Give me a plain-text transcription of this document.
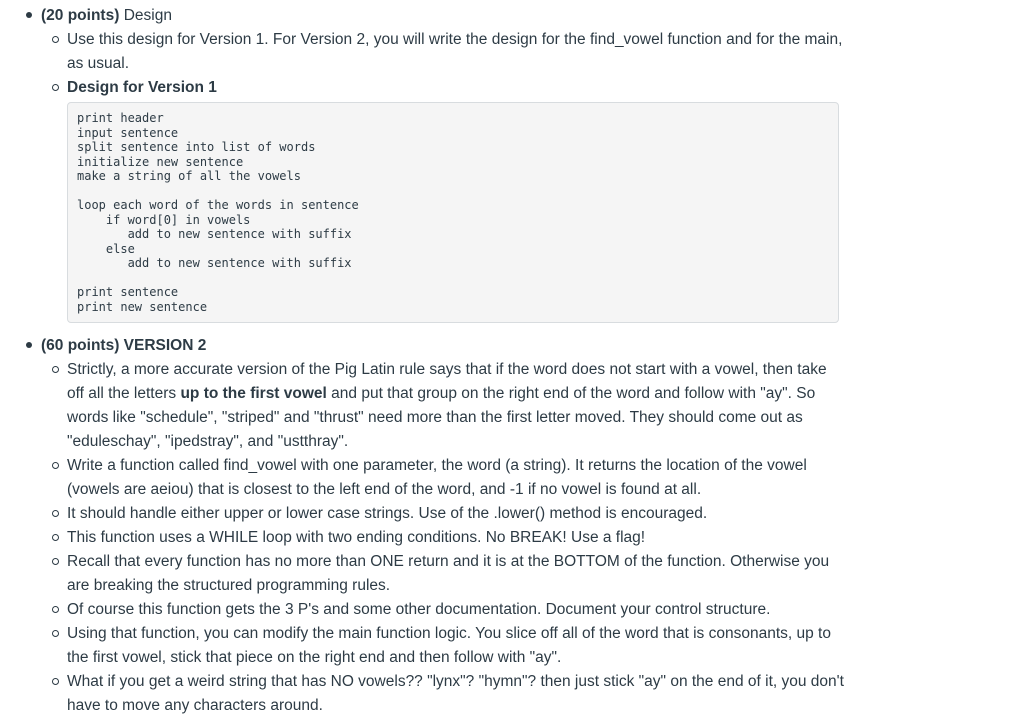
(20 points) Design
Use this design for Version 1. For Version 2, you will write the design for the find_vowel function and for the main, as usual.
Design for Version 1
print header
input sentence
split sentence into list of words
initialize new sentence
make a string of all the vowels
loop each word of the words in sentence
if word[0] in vowels
add to new sentence with suffix
else
add to new sentence with suffix
print sentence
print new sentence
(60 points) VERSION 2
Strictly, a more accurate version of the Pig Latin rule says that if the word does not start with a vowel, then take off all the letters up to the first vowel and put that group on the right end of the word and follow with "ay". So words like "schedule", "striped" and "thrust" need more than the first letter moved. They should come out as "eduleschay", "ipedstray", and "ustthray".
Write a function called find_vowel with one parameter, the word (a string). It returns the location of the vowel (vowels are aeiou) that is closest to the left end of the word, and -1 if no vowel is found at all.
It should handle either upper or lower case strings. Use of the .lower() method is encouraged.
This function uses a WHILE loop with two ending conditions. No BREAK! Use a flag!
Recall that every function has no more than ONE return and it is at the BOTTOM of the function. Otherwise you are breaking the structured programming rules.
Of course this function gets the 3 P's and some other documentation. Document your control structure.
Using that function, you can modify the main function logic. You slice off all of the word that is consonants, up to the first vowel, stick that piece on the right end and then follow with "ay".
What if you get a weird string that has NO vowels?? "lynx"? "hymn"? then just stick "ay" on the end of it, you don't have to move any characters around.
